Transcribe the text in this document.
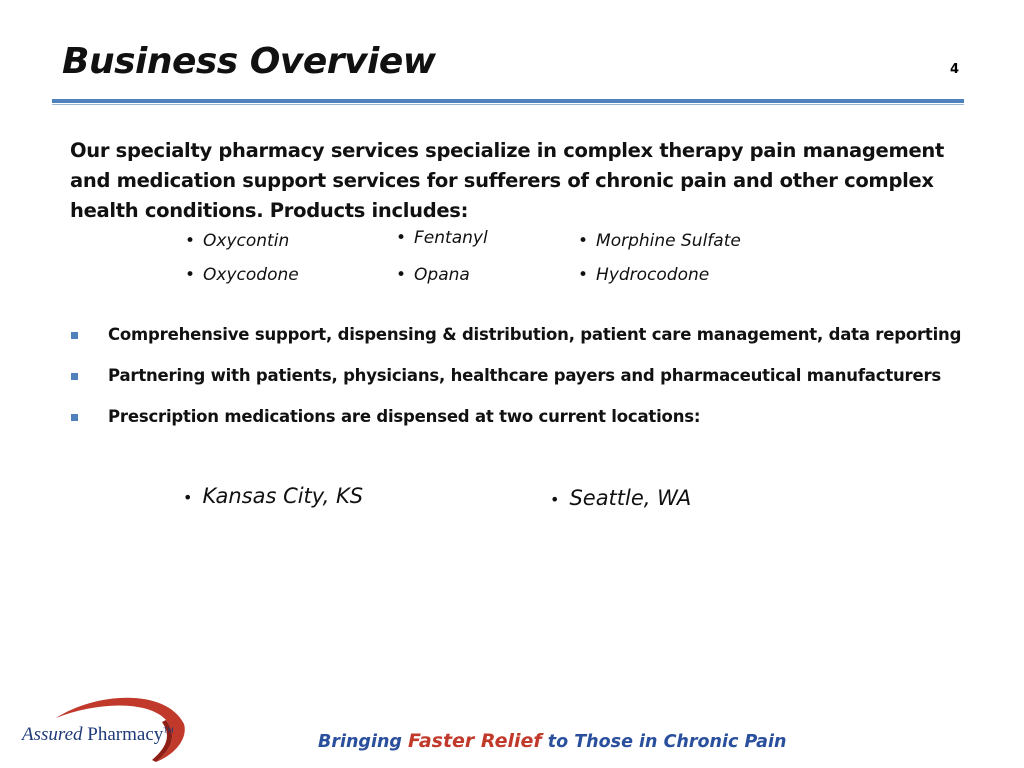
Business Overview	4

Our specialty pharmacy services specialize in complex therapy pain management and medication support services for sufferers of chronic pain and other complex health conditions. Products includes:

• Oxycontin	• Fentanyl	• Morphine Sulfate
• Oxycodone	• Opana	• Hydrocodone
Comprehensive support, dispensing & distribution, patient care management, data reporting
Partnering with patients, physicians, healthcare payers and pharmaceutical manufacturers
Prescription medications are dispensed at two current locations:
• Kansas City, KS	• Seattle, WA
Assured Pharmacy™
Bringing Faster Relief to Those in Chronic Pain
